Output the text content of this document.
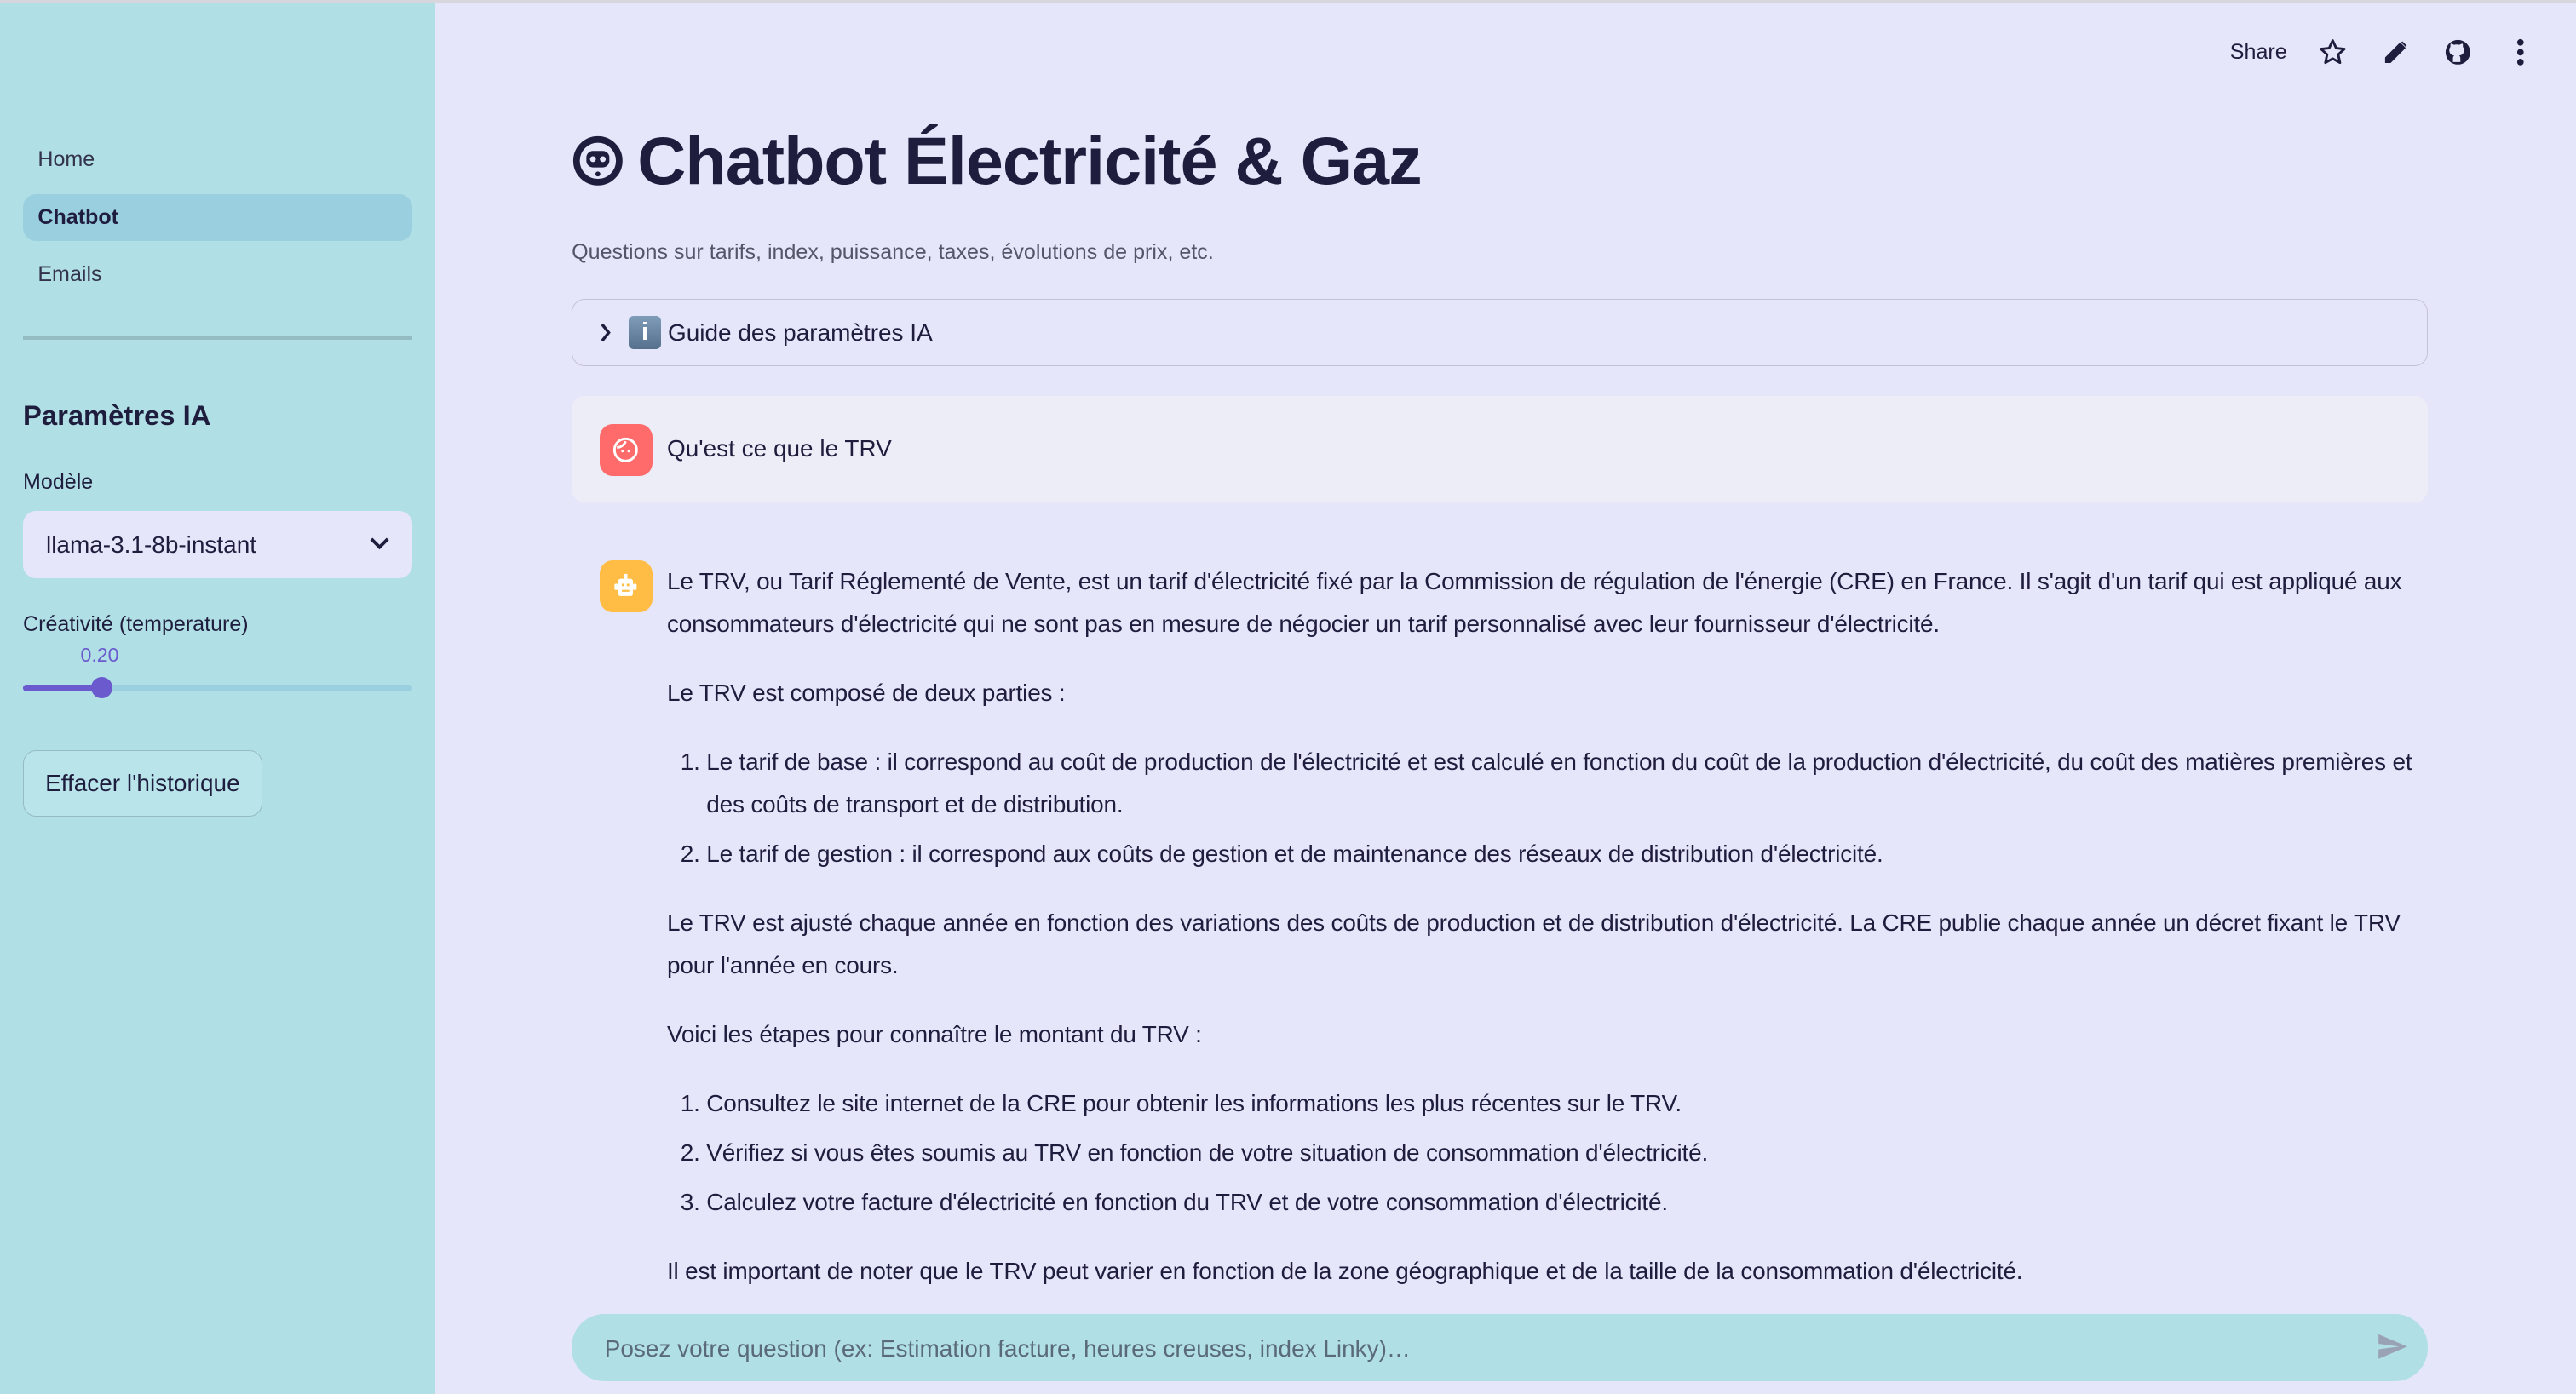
Home
Chatbot
Emails
Paramètres IA
Modèle
llama-3.1-8b-instant
Créativité (temperature)
0.20
Effacer l'historique
Share
Chatbot Électricité & Gaz
Questions sur tarifs, index, puissance, taxes, évolutions de prix, etc.
i	Guide des paramètres IA
Qu'est ce que le TRV

Le TRV, ou Tarif Réglementé de Vente, est un tarif d'électricité fixé par la Commission de régulation de l'énergie (CRE) en France. Il s'agit d'un tarif qui est appliqué aux consommateurs d'électricité qui ne sont pas en mesure de négocier un tarif personnalisé avec leur fournisseur d'électricité.

Le TRV est composé de deux parties :

1. Le tarif de base : il correspond au coût de production de l'électricité et est calculé en fonction du coût de la production d'électricité, du coût des matières premières et des coûts de transport et de distribution.
2. Le tarif de gestion : il correspond aux coûts de gestion et de maintenance des réseaux de distribution d'électricité.

Le TRV est ajusté chaque année en fonction des variations des coûts de production et de distribution d'électricité. La CRE publie chaque année un décret fixant le TRV pour l'année en cours.

Voici les étapes pour connaître le montant du TRV :

1. Consultez le site internet de la CRE pour obtenir les informations les plus récentes sur le TRV.
2. Vérifiez si vous êtes soumis au TRV en fonction de votre situation de consommation d'électricité.
3. Calculez votre facture d'électricité en fonction du TRV et de votre consommation d'électricité.

Il est important de noter que le TRV peut varier en fonction de la zone géographique et de la taille de la consommation d'électricité.

Posez votre question (ex: Estimation facture, heures creuses, index Linky)…
